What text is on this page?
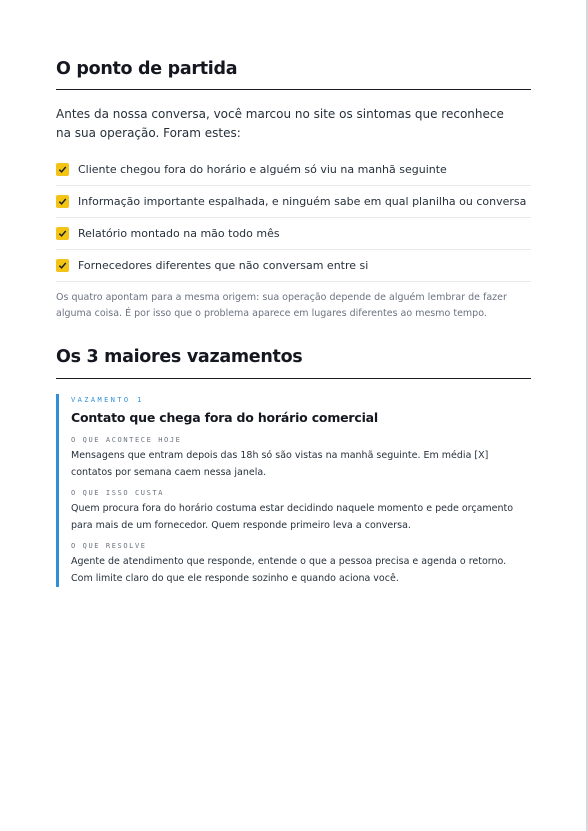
O ponto de partida
Antes da nossa conversa, você marcou no site os sintomas que reconhece na sua operação. Foram estes:
Cliente chegou fora do horário e alguém só viu na manhã seguinte
Informação importante espalhada, e ninguém sabe em qual planilha ou conversa
Relatório montado na mão todo mês
Fornecedores diferentes que não conversam entre si
Os quatro apontam para a mesma origem: sua operação depende de alguém lembrar de fazer alguma coisa. É por isso que o problema aparece em lugares diferentes ao mesmo tempo.
Os 3 maiores vazamentos
VAZAMENTO 1
Contato que chega fora do horário comercial
O QUE ACONTECE HOJE
Mensagens que entram depois das 18h só são vistas na manhã seguinte. Em média [X] contatos por semana caem nessa janela.
O QUE ISSO CUSTA
Quem procura fora do horário costuma estar decidindo naquele momento e pede orçamento para mais de um fornecedor. Quem responde primeiro leva a conversa.
O QUE RESOLVE
Agente de atendimento que responde, entende o que a pessoa precisa e agenda o retorno. Com limite claro do que ele responde sozinho e quando aciona você.
